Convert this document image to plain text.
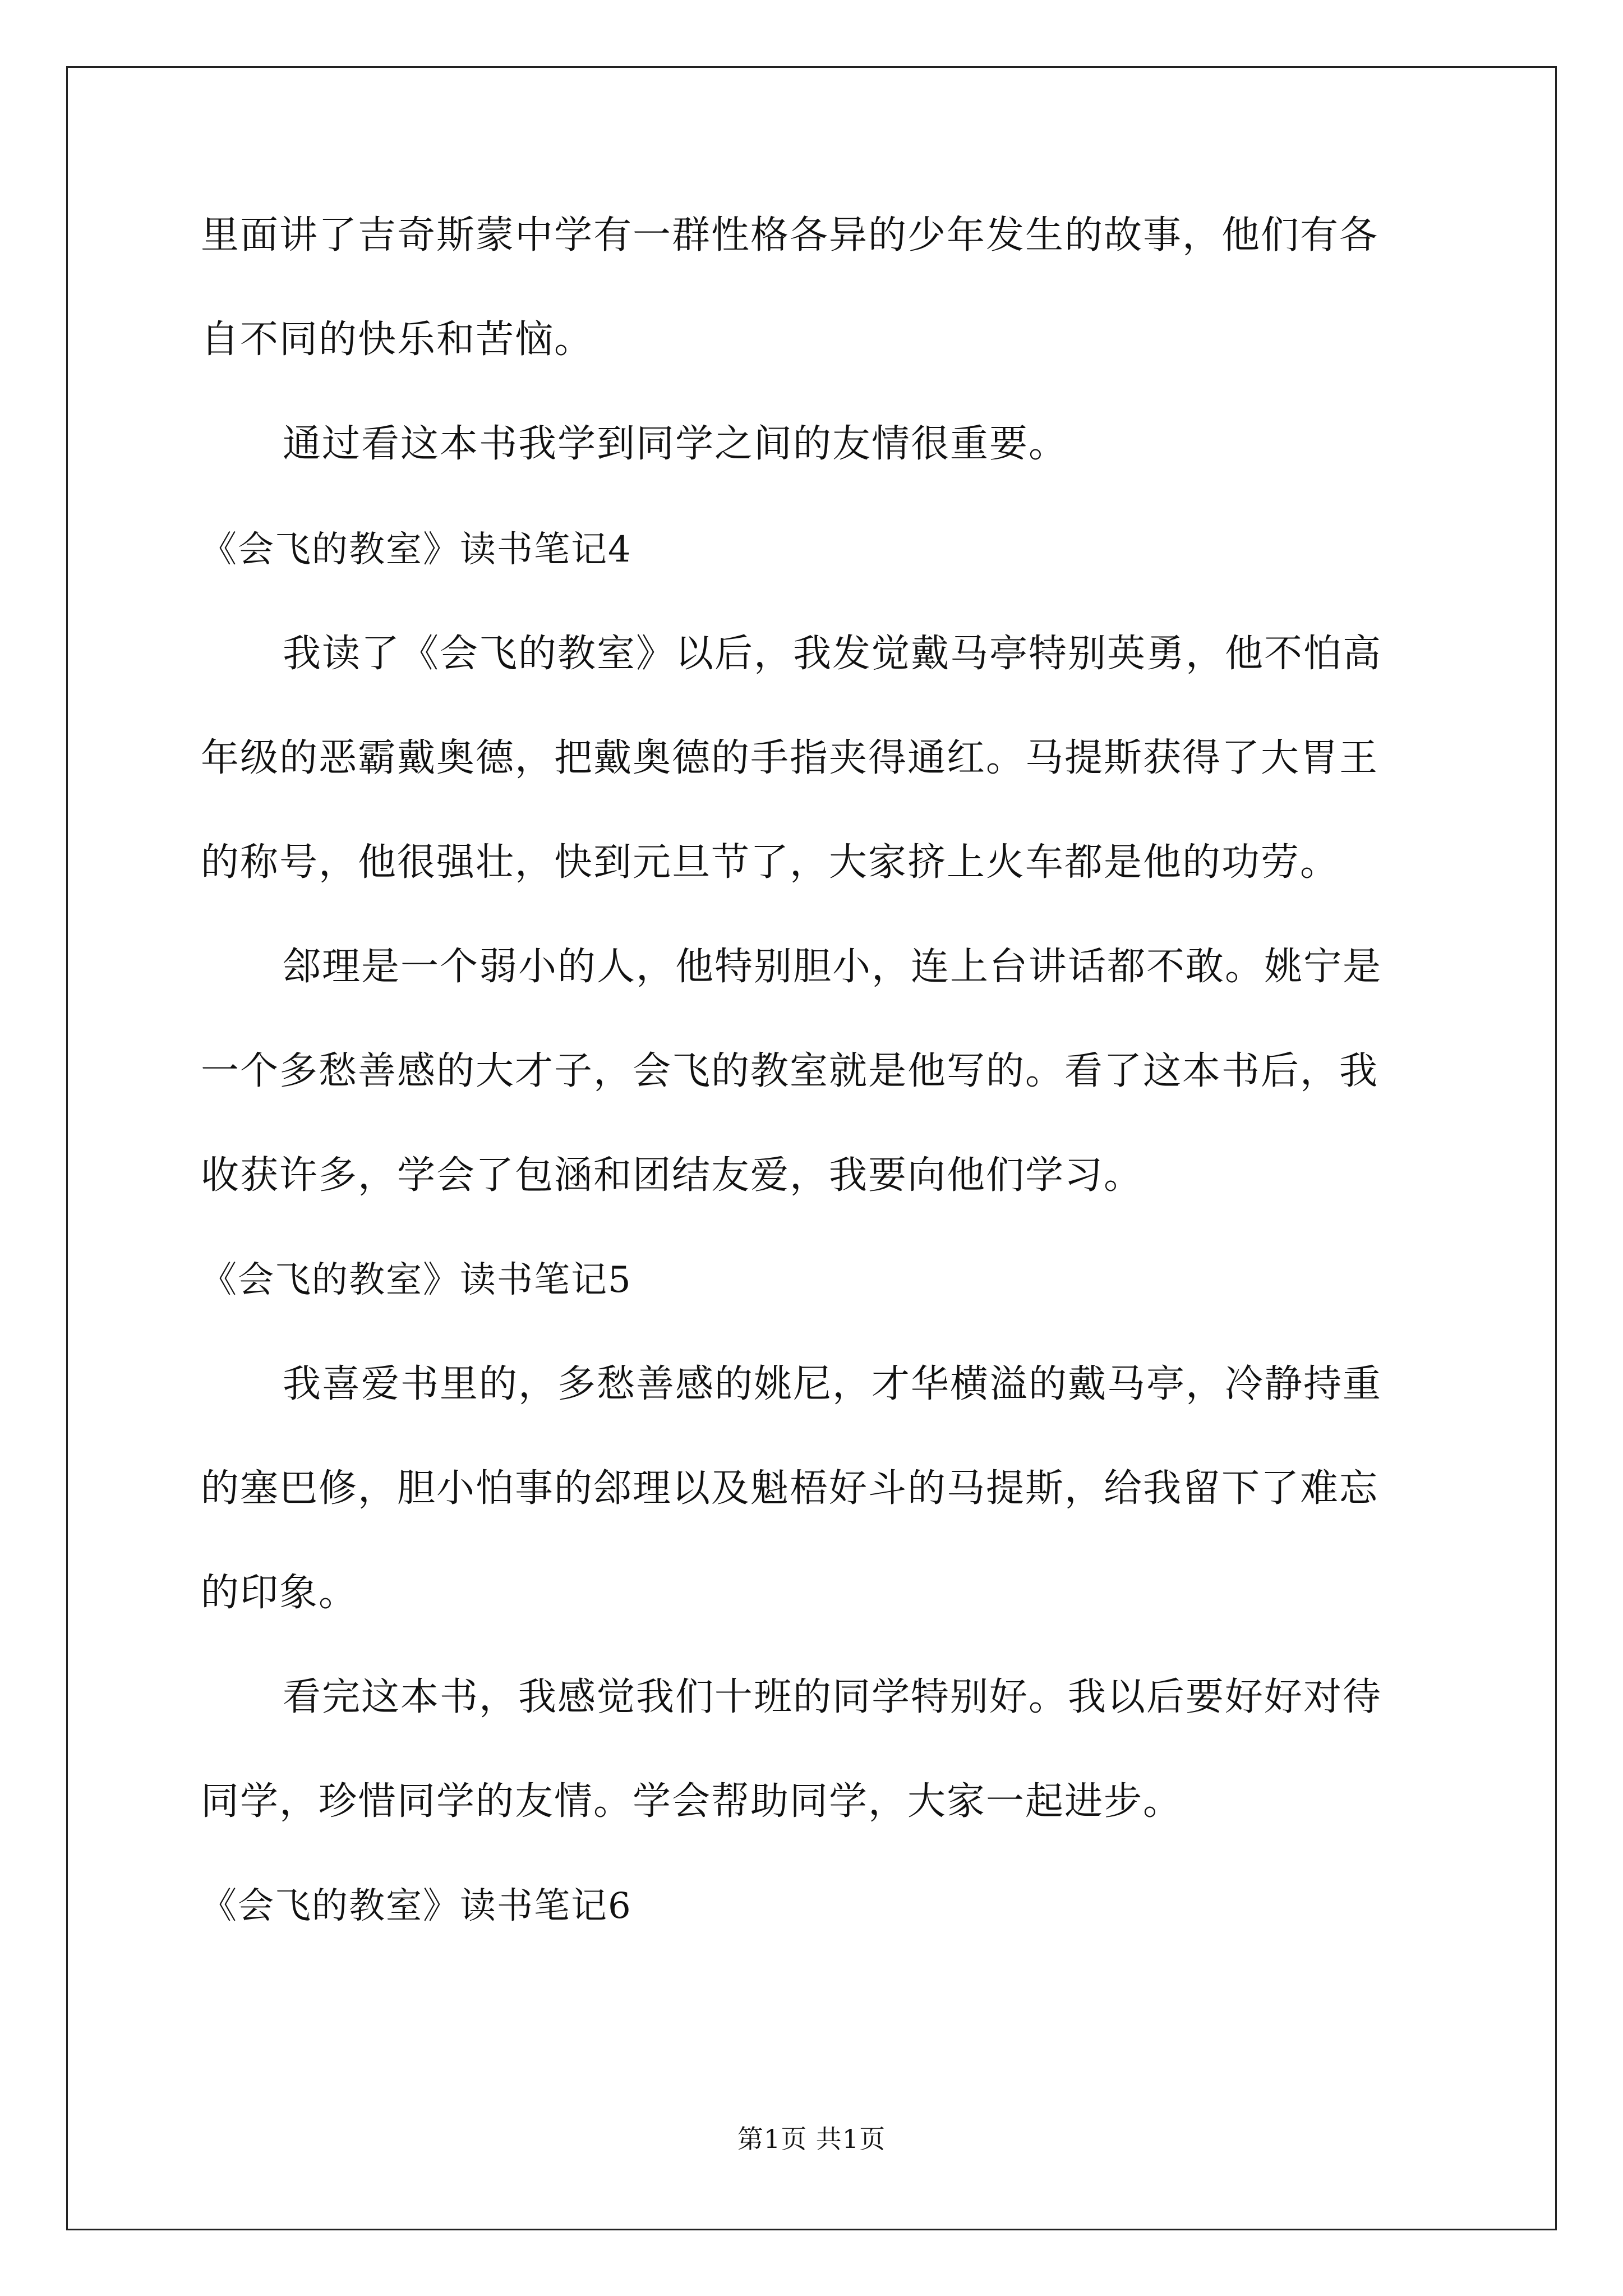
里面讲了吉奇斯蒙中学有一群性格各异的少年发生的故事，他们有各
自不同的快乐和苦恼。
通过看这本书我学到同学之间的友情很重要。
《会飞的教室》读书笔记4
我读了《会飞的教室》以后，我发觉戴马亭特别英勇，他不怕高
年级的恶霸戴奥德，把戴奥德的手指夹得通红。马提斯获得了大胃王
的称号，他很强壮，快到元旦节了，大家挤上火车都是他的功劳。
郐理是一个弱小的人，他特别胆小，连上台讲话都不敢。姚宁是
一个多愁善感的大才子，会飞的教室就是他写的。看了这本书后，我
收获许多，学会了包涵和团结友爱，我要向他们学习。
《会飞的教室》读书笔记5
我喜爱书里的，多愁善感的姚尼，才华横溢的戴马亭，冷静持重
的塞巴修，胆小怕事的郐理以及魁梧好斗的马提斯，给我留下了难忘
的印象。
看完这本书，我感觉我们十班的同学特别好。我以后要好好对待
同学，珍惜同学的友情。学会帮助同学，大家一起进步。
《会飞的教室》读书笔记6
第1页 共1页
